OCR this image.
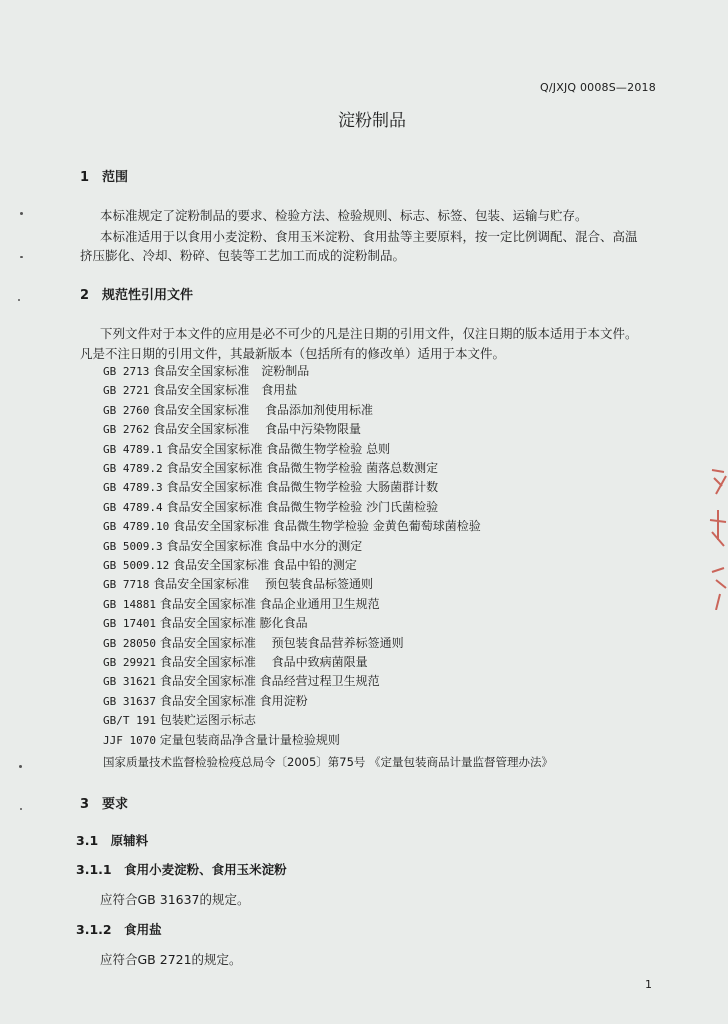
Q/JXJQ 0008S—2018
淀粉制品
1　范围
本标准规定了淀粉制品的要求、检验方法、检验规则、标志、标签、包装、运输与贮存。
本标准适用于以食用小麦淀粉、食用玉米淀粉、食用盐等主要原料，按一定比例调配、混合、高温
挤压膨化、冷却、粉碎、包装等工艺加工而成的淀粉制品。
2　规范性引用文件
下列文件对于本文件的应用是必不可少的凡是注日期的引用文件，仅注日期的版本适用于本文件。
凡是不注日期的引用文件，其最新版本（包括所有的修改单）适用于本文件。
GB 2713 食品安全国家标准　淀粉制品
GB 2721 食品安全国家标准　食用盐
GB 2760 食品安全国家标准　 食品添加剂使用标准
GB 2762 食品安全国家标准　 食品中污染物限量
GB 4789.1 食品安全国家标准 食品微生物学检验 总则
GB 4789.2 食品安全国家标准 食品微生物学检验 菌落总数测定
GB 4789.3 食品安全国家标准 食品微生物学检验 大肠菌群计数
GB 4789.4 食品安全国家标准 食品微生物学检验 沙门氏菌检验
GB 4789.10 食品安全国家标准 食品微生物学检验 金黄色葡萄球菌检验
GB 5009.3 食品安全国家标准 食品中水分的测定
GB 5009.12 食品安全国家标准 食品中铅的测定
GB 7718 食品安全国家标准　 预包装食品标签通则
GB 14881 食品安全国家标准 食品企业通用卫生规范
GB 17401 食品安全国家标准 膨化食品
GB 28050 食品安全国家标准　 预包装食品营养标签通则
GB 29921 食品安全国家标准　 食品中致病菌限量
GB 31621 食品安全国家标准 食品经营过程卫生规范
GB 31637 食品安全国家标准 食用淀粉
GB/T 191 包装贮运图示标志
JJF 1070 定量包装商品净含量计量检验规则
国家质量技术监督检验检疫总局令〔2005〕第75号 《定量包装商品计量监督管理办法》
3　要求
3.1　原辅料
3.1.1　食用小麦淀粉、食用玉米淀粉
应符合GB 31637的规定。
3.1.2　食用盐
应符合GB 2721的规定。
1
